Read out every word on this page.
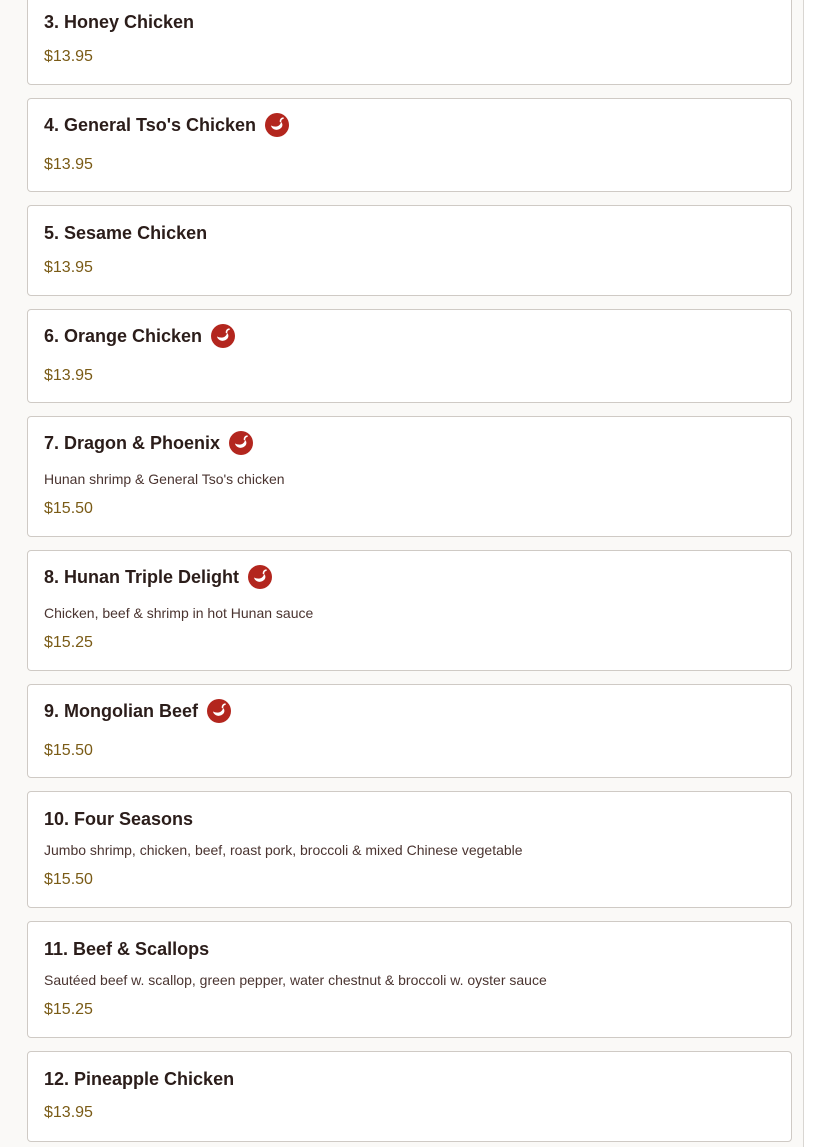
3. Honey Chicken
$13.95
4. General Tso's Chicken
$13.95
5. Sesame Chicken
$13.95
6. Orange Chicken
$13.95
7. Dragon & Phoenix
Hunan shrimp & General Tso's chicken
$15.50
8. Hunan Triple Delight
Chicken, beef & shrimp in hot Hunan sauce
$15.25
9. Mongolian Beef
$15.50
10. Four Seasons
Jumbo shrimp, chicken, beef, roast pork, broccoli & mixed Chinese vegetable
$15.50
11. Beef & Scallops
Sautéed beef w. scallop, green pepper, water chestnut & broccoli w. oyster sauce
$15.25
12. Pineapple Chicken
$13.95
